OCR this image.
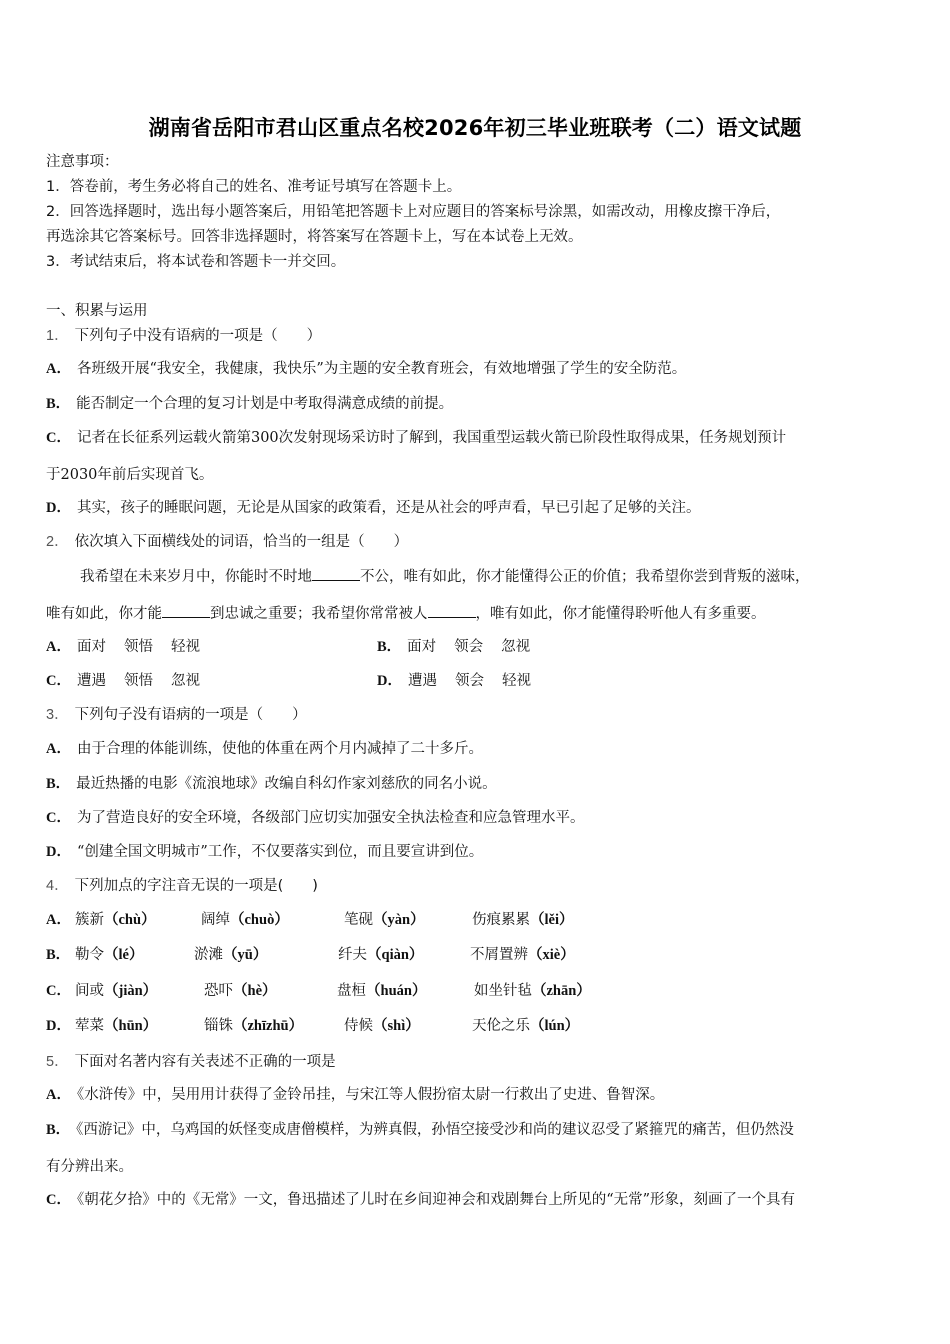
湖南省岳阳市君山区重点名校2026年初三毕业班联考（二）语文试题
注意事项：
1．答卷前，考生务必将自己的姓名、准考证号填写在答题卡上。
2．回答选择题时，选出每小题答案后，用铅笔把答题卡上对应题目的答案标号涂黑，如需改动，用橡皮擦干净后，
再选涂其它答案标号。回答非选择题时，将答案写在答题卡上，写在本试卷上无效。
3．考试结束后，将本试卷和答题卡一并交回。
一、积累与运用
1． 下列句子中没有语病的一项是（　　）
A． 各班级开展“我安全，我健康，我快乐”为主题的安全教育班会，有效地增强了学生的安全防范。
B． 能否制定一个合理的复习计划是中考取得满意成绩的前提。
C． 记者在长征系列运载火箭第300次发射现场采访时了解到，我国重型运载火箭已阶段性取得成果，任务规划预计
于2030年前后实现首飞。
D． 其实，孩子的睡眠问题，无论是从国家的政策看，还是从社会的呼声看，早已引起了足够的关注。
2． 依次填入下面横线处的词语，恰当的一组是（　　）
我希望在未来岁月中，你能时不时地	不公，唯有如此，你才能懂得公正的价值；我希望你尝到背叛的滋味，
唯有如此，你才能	到忠诚之重要；我希望你常常被人	，唯有如此，你才能懂得聆听他人有多重要。
A． 面对 领悟 轻视	B． 面对 领会 忽视
C． 遭遇 领悟 忽视	D． 遭遇 领会 轻视
3． 下列句子没有语病的一项是（　　）
A． 由于合理的体能训练，使他的体重在两个月内减掉了二十多斤。
B． 最近热播的电影《流浪地球》改编自科幻作家刘慈欣的同名小说。
C． 为了营造良好的安全环境，各级部门应切实加强安全执法检查和应急管理水平。
D． “创建全国文明城市”工作，不仅要落实到位，而且要宣讲到位。
4． 下列加点的字注音无误的一项是(　　)
A． 簇新（chù）	阔绰（chuò）	笔砚（yàn）	伤痕累累（lěi）
B． 勒令（lé）	淤滩（yū）	纤夫（qiàn）	不屑置辨（xiè）
C． 间或（jiàn）	恐吓（hè）	盘桓（huán）	如坐针毡（zhān）
D． 荤菜（hūn）	锱铢（zhīzhū）	侍候（shì）	天伦之乐（lún）
5． 下面对名著内容有关表述不正确的一项是
A． 《水浒传》中，吴用用计获得了金铃吊挂，与宋江等人假扮宿太尉一行救出了史进、鲁智深。
B． 《西游记》中，乌鸡国的妖怪变成唐僧模样，为辨真假，孙悟空接受沙和尚的建议忍受了紧箍咒的痛苦，但仍然没
有分辨出来。
C． 《朝花夕拾》中的《无常》一文，鲁迅描述了儿时在乡间迎神会和戏剧舞台上所见的“无常”形象，刻画了一个具有
